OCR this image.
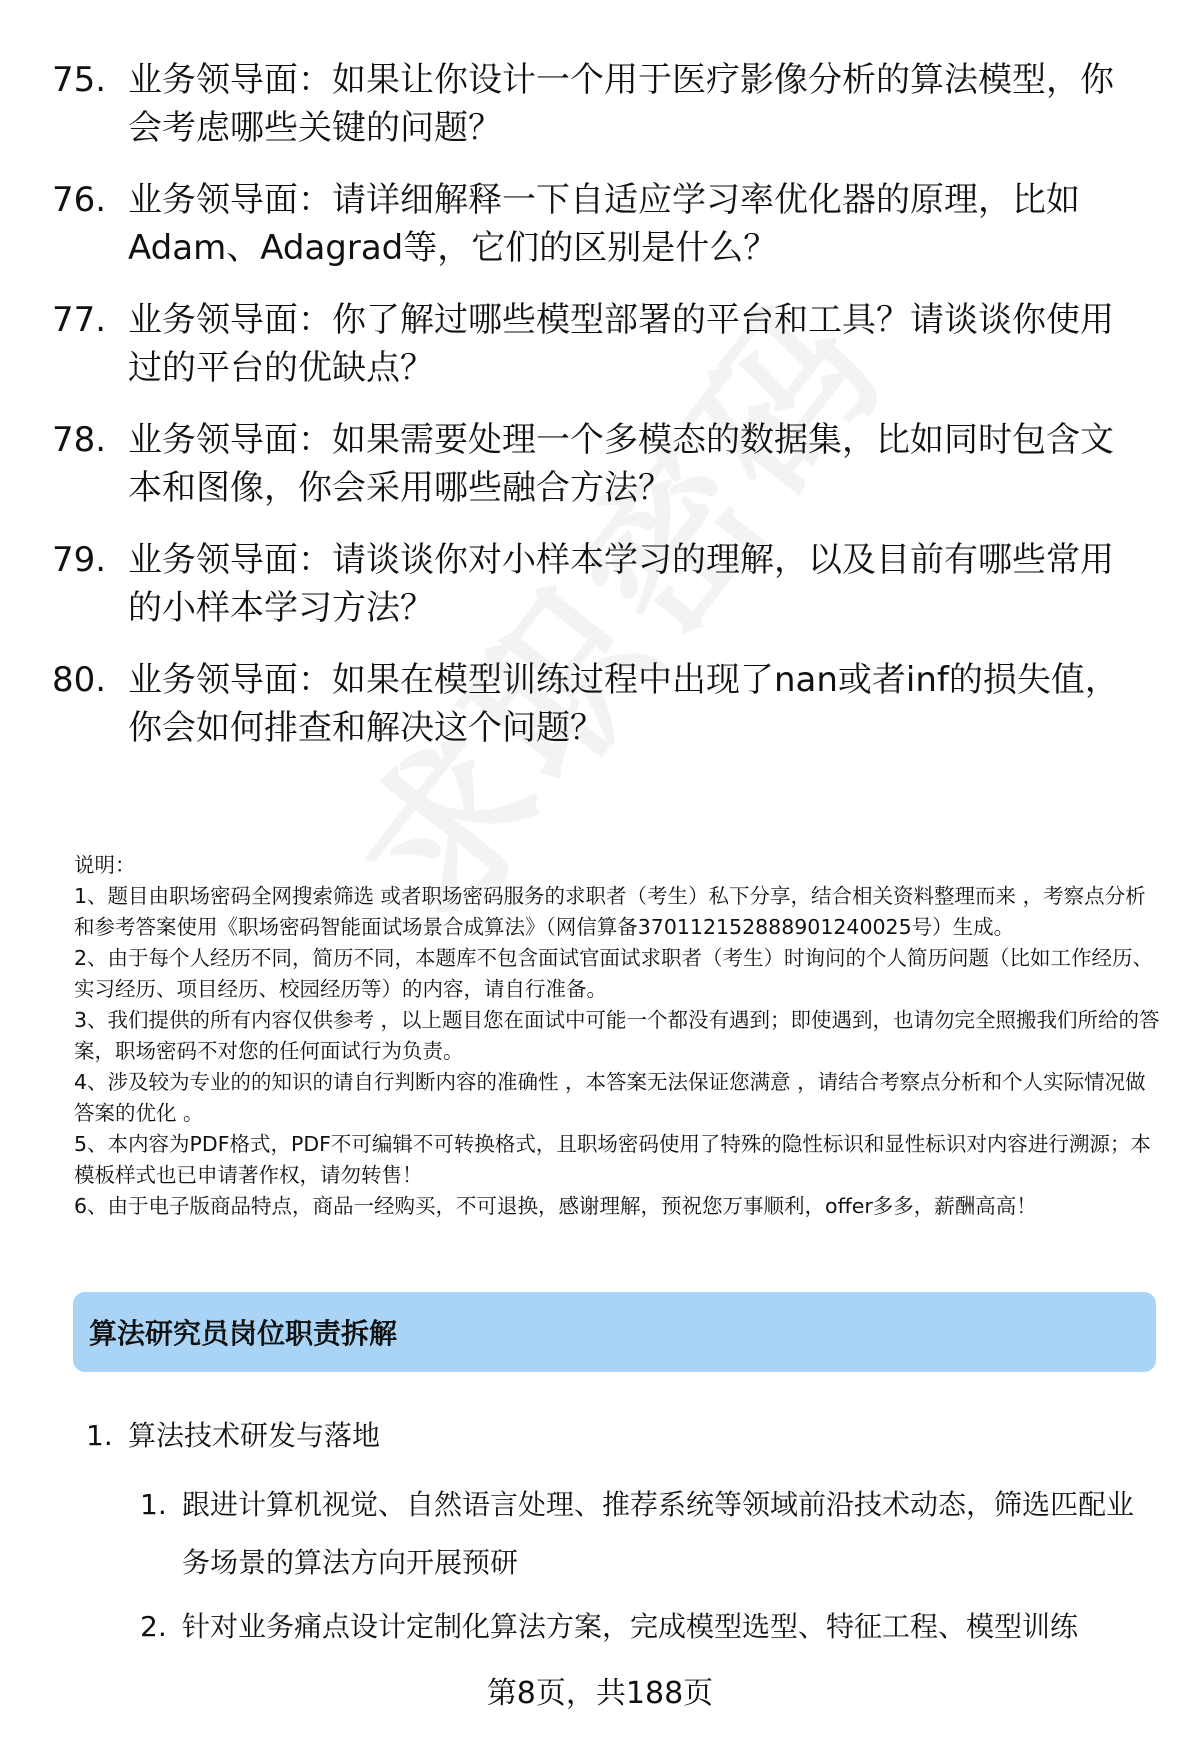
75. 业务领导面：如果让你设计一个用于医疗影像分析的算法模型，你会考虑哪些关键的问题？
76. 业务领导面：请详细解释一下自适应学习率优化器的原理，比如Adam、Adagrad等，它们的区别是什么？
77. 业务领导面：你了解过哪些模型部署的平台和工具？请谈谈你使用过的平台的优缺点？
78. 业务领导面：如果需要处理一个多模态的数据集，比如同时包含文本和图像，你会采用哪些融合方法？
79. 业务领导面：请谈谈你对小样本学习的理解，以及目前有哪些常用的小样本学习方法？
80. 业务领导面：如果在模型训练过程中出现了nan或者inf的损失值，你会如何排查和解决这个问题？

说明：

1、题目由职场密码全网搜索筛选 或者职场密码服务的求职者（考生）私下分享，结合相关资料整理而来 ，考察点分析和参考答案使用《职场密码智能面试场景合成算法》（网信算备370112152888901240025号）生成。

2、由于每个人经历不同，简历不同，本题库不包含面试官面试求职者（考生）时询问的个人简历问题（比如工作经历、实习经历、项目经历、校园经历等）的内容，请自行准备。

3、我们提供的所有内容仅供参考 ，以上题目您在面试中可能一个都没有遇到；即使遇到，也请勿完全照搬我们所给的答案，职场密码不对您的任何面试行为负责。

4、涉及较为专业的的知识的请自行判断内容的准确性 ，本答案无法保证您满意 ，请结合考察点分析和个人实际情况做答案的优化 。

5、本内容为PDF格式，PDF不可编辑不可转换格式，且职场密码使用了特殊的隐性标识和显性标识对内容进行溯源；本模板样式也已申请著作权，请勿转售！

6、由于电子版商品特点，商品一经购买，不可退换，感谢理解，预祝您万事顺利，offer多多，薪酬高高！

算法研究员岗位职责拆解
1. 算法技术研发与落地
1. 跟进计算机视觉、自然语言处理、推荐系统等领域前沿技术动态，筛选匹配业务场景的算法方向开展预研
2. 针对业务痛点设计定制化算法方案，完成模型选型、特征工程、模型训练
第8页，共188页
